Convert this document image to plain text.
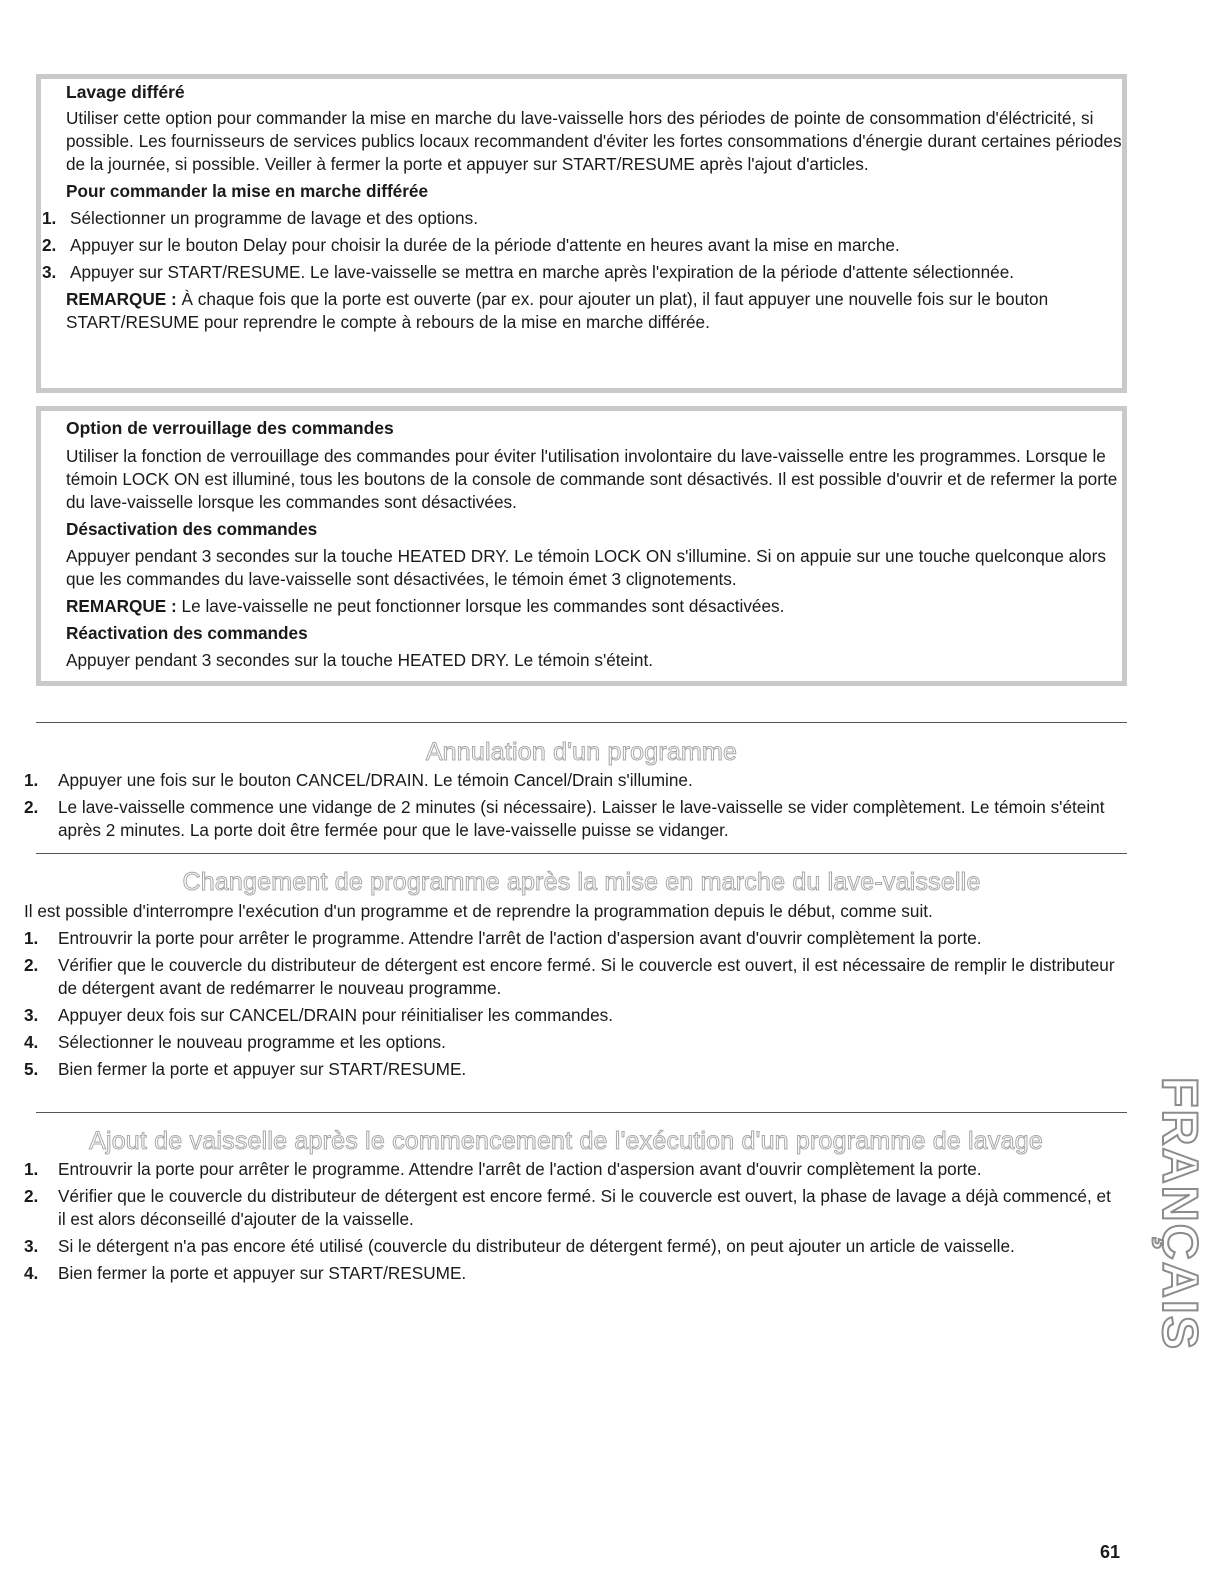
Lavage différé

Utiliser cette option pour commander la mise en marche du lave-vaisselle hors des périodes de pointe de consommation d'éléctricité, si possible. Les fournisseurs de services publics locaux recommandent d'éviter les fortes consommations d'énergie durant certaines périodes de la journée, si possible. Veiller à fermer la porte et appuyer sur START/RESUME après l'ajout d'articles.

Pour commander la mise en marche différée
1. Sélectionner un programme de lavage et des options.
2. Appuyer sur le bouton Delay pour choisir la durée de la période d'attente en heures avant la mise en marche.
3. Appuyer sur START/RESUME. Le lave-vaisselle se mettra en marche après l'expiration de la période d'attente sélectionnée.

REMARQUE : À chaque fois que la porte est ouverte (par ex. pour ajouter un plat), il faut appuyer une nouvelle fois sur le bouton START/RESUME pour reprendre le compte à rebours de la mise en marche différée.

Option de verrouillage des commandes

Utiliser la fonction de verrouillage des commandes pour éviter l'utilisation involontaire du lave-vaisselle entre les programmes. Lorsque le témoin LOCK ON est illuminé, tous les boutons de la console de commande sont désactivés. Il est possible d'ouvrir et de refermer la porte du lave-vaisselle lorsque les commandes sont désactivées.

Désactivation des commandes

Appuyer pendant 3 secondes sur la touche HEATED DRY. Le témoin LOCK ON s'illumine. Si on appuie sur une touche quelconque alors que les commandes du lave-vaisselle sont désactivées, le témoin émet 3 clignotements.

REMARQUE : Le lave-vaisselle ne peut fonctionner lorsque les commandes sont désactivées.

Réactivation des commandes

Appuyer pendant 3 secondes sur la touche HEATED DRY. Le témoin s'éteint.

Annulation d'un programme
1. Appuyer une fois sur le bouton CANCEL/DRAIN. Le témoin Cancel/Drain s'illumine.
2. Le lave-vaisselle commence une vidange de 2 minutes (si nécessaire). Laisser le lave-vaisselle se vider complètement. Le témoin s'éteint après 2 minutes. La porte doit être fermée pour que le lave-vaisselle puisse se vidanger.
Changement de programme après la mise en marche du lave-vaisselle

Il est possible d'interrompre l'exécution d'un programme et de reprendre la programmation depuis le début, comme suit.

1. Entrouvrir la porte pour arrêter le programme. Attendre l'arrêt de l'action d'aspersion avant d'ouvrir complètement la porte.
2. Vérifier que le couvercle du distributeur de détergent est encore fermé. Si le couvercle est ouvert, il est nécessaire de remplir le distributeur de détergent avant de redémarrer le nouveau programme.
3. Appuyer deux fois sur CANCEL/DRAIN pour réinitialiser les commandes.
4. Sélectionner le nouveau programme et les options.
5. Bien fermer la porte et appuyer sur START/RESUME.
Ajout de vaisselle après le commencement de l'exécution d'un programme de lavage
1. Entrouvrir la porte pour arrêter le programme. Attendre l'arrêt de l'action d'aspersion avant d'ouvrir complètement la porte.
2. Vérifier que le couvercle du distributeur de détergent est encore fermé. Si le couvercle est ouvert, la phase de lavage a déjà commencé, et il est alors déconseillé d'ajouter de la vaisselle.
3. Si le détergent n'a pas encore été utilisé (couvercle du distributeur de détergent fermé), on peut ajouter un article de vaisselle.
4. Bien fermer la porte et appuyer sur START/RESUME.	FRANÇAIS
61
